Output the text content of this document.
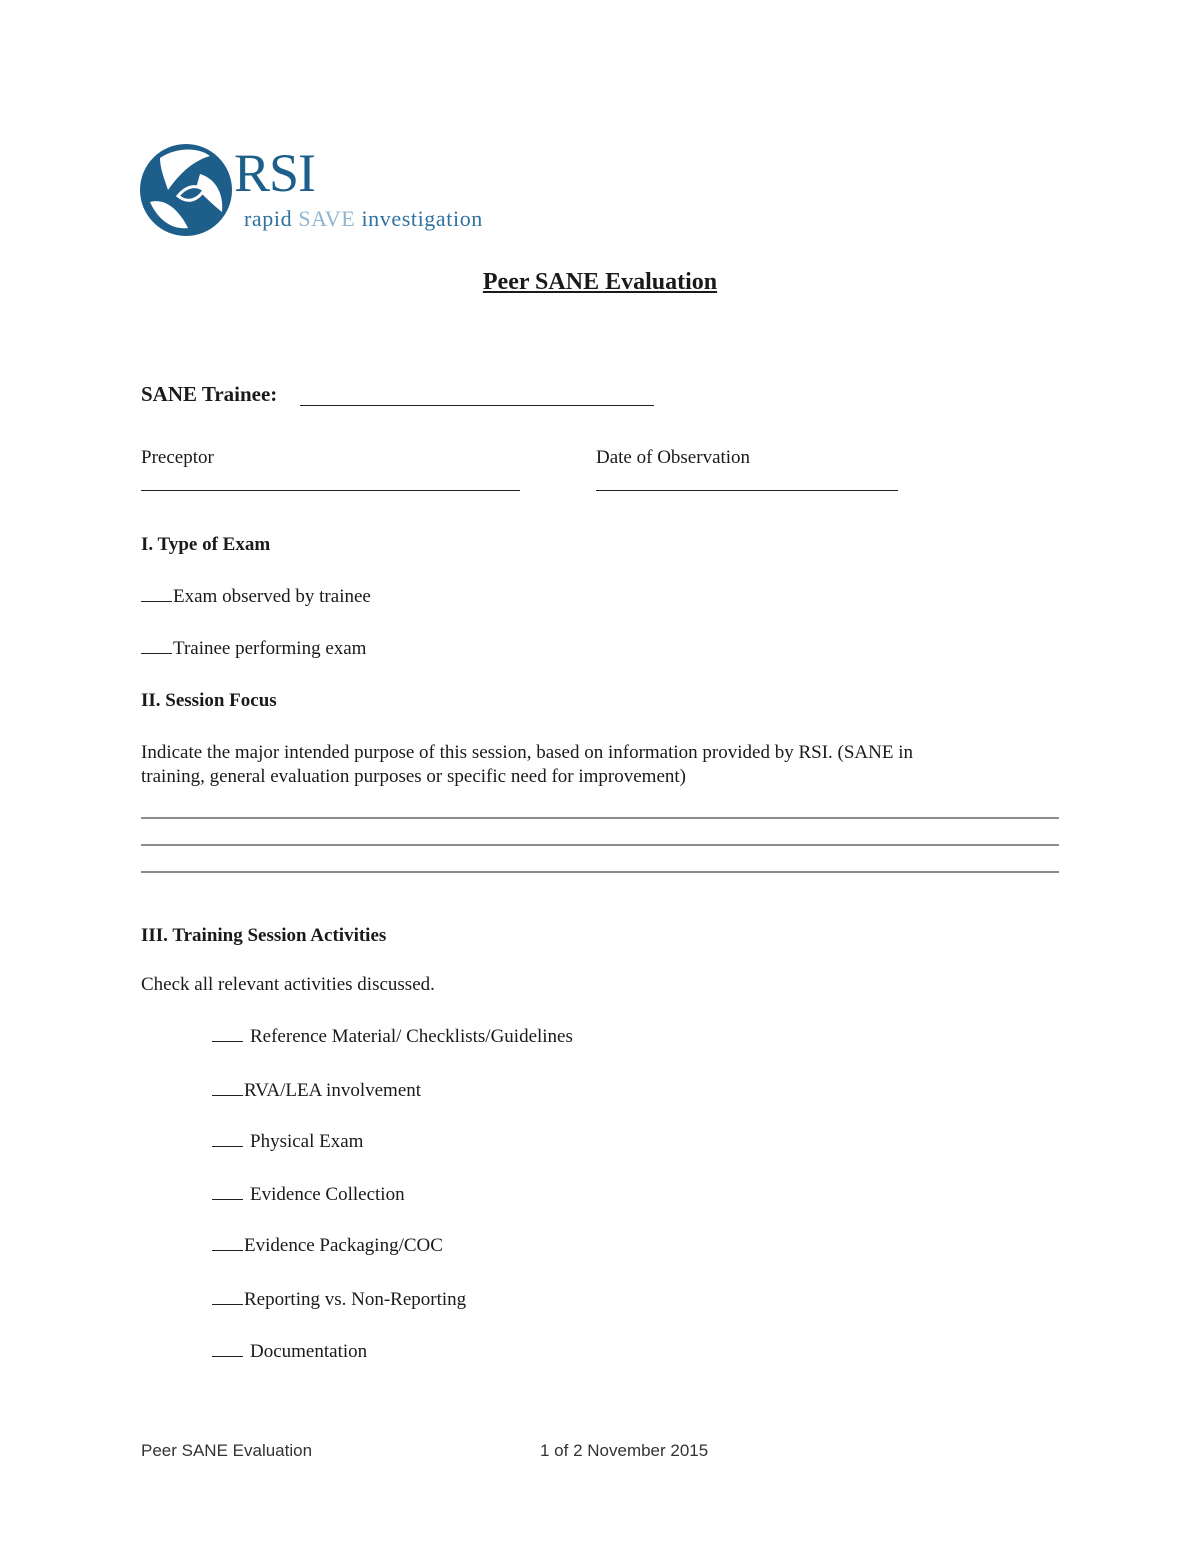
RSI
rapid SAVE investigation
Peer SANE Evaluation
SANE Trainee:
Preceptor	Date of Observation
I. Type of Exam
Exam observed by trainee
Trainee performing exam
II. Session Focus
Indicate the major intended purpose of this session, based on information provided by RSI. (SANE in
training, general evaluation purposes or specific need for improvement)
III. Training Session Activities
Check all relevant activities discussed.
Reference Material/ Checklists/Guidelines
RVA/LEA involvement
Physical Exam
Evidence Collection
Evidence Packaging/COC
Reporting vs. Non-Reporting
Documentation
Peer SANE Evaluation	1 of 2 November 2015
